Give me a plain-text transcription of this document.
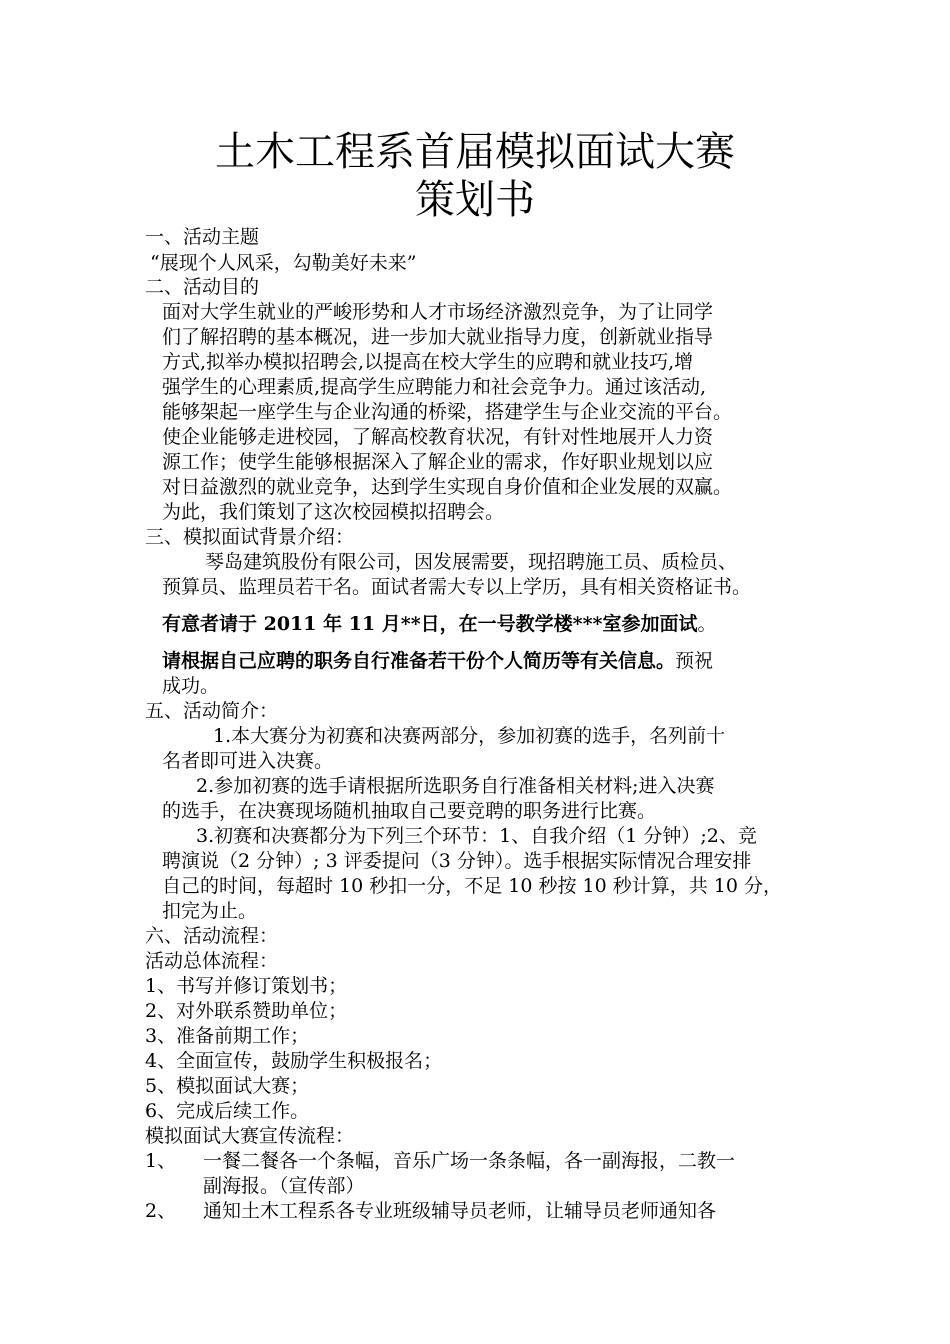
土木工程系首届模拟面试大赛
策划书
一、活动主题
“展现个人风采，勾勒美好未来”
二、活动目的
面对大学生就业的严峻形势和人才市场经济激烈竞争，为了让同学
们了解招聘的基本概况，进一步加大就业指导力度，创新就业指导
方式,拟举办模拟招聘会,以提高在校大学生的应聘和就业技巧,增
强学生的心理素质,提高学生应聘能力和社会竞争力。通过该活动,
能够架起一座学生与企业沟通的桥梁，搭建学生与企业交流的平台。
使企业能够走进校园，了解高校教育状况，有针对性地展开人力资
源工作；使学生能够根据深入了解企业的需求，作好职业规划以应
对日益激烈的就业竞争，达到学生实现自身价值和企业发展的双赢。
为此，我们策划了这次校园模拟招聘会。
三、模拟面试背景介绍：
琴岛建筑股份有限公司，因发展需要，现招聘施工员、质检员、
预算员、监理员若干名。面试者需大专以上学历，具有相关资格证书。
有意者请于 2011 年 11 月**日，在一号教学楼***室参加面试。
请根据自己应聘的职务自行准备若干份个人简历等有关信息。预祝
成功。
五、活动简介：
1.本大赛分为初赛和决赛两部分，参加初赛的选手，名列前十
名者即可进入决赛。
2.参加初赛的选手请根据所选职务自行准备相关材料;进入决赛
的选手，在决赛现场随机抽取自己要竞聘的职务进行比赛。
3.初赛和决赛都分为下列三个环节：1、自我介绍（1 分钟）;2、竞
聘演说（2 分钟）; 3 评委提问（3 分钟）。选手根据实际情况合理安排
自己的时间，每超时 10 秒扣一分，不足 10 秒按 10 秒计算，共 10 分，
扣完为止。
六、活动流程：
活动总体流程：
1、书写并修订策划书；
2、对外联系赞助单位；
3、准备前期工作；
4、全面宣传，鼓励学生积极报名；
5、模拟面试大赛；
6、完成后续工作。
模拟面试大赛宣传流程：
1、 一餐二餐各一个条幅，音乐广场一条条幅，各一副海报，二教一
副海报。（宣传部）
2、 通知土木工程系各专业班级辅导员老师，让辅导员老师通知各
